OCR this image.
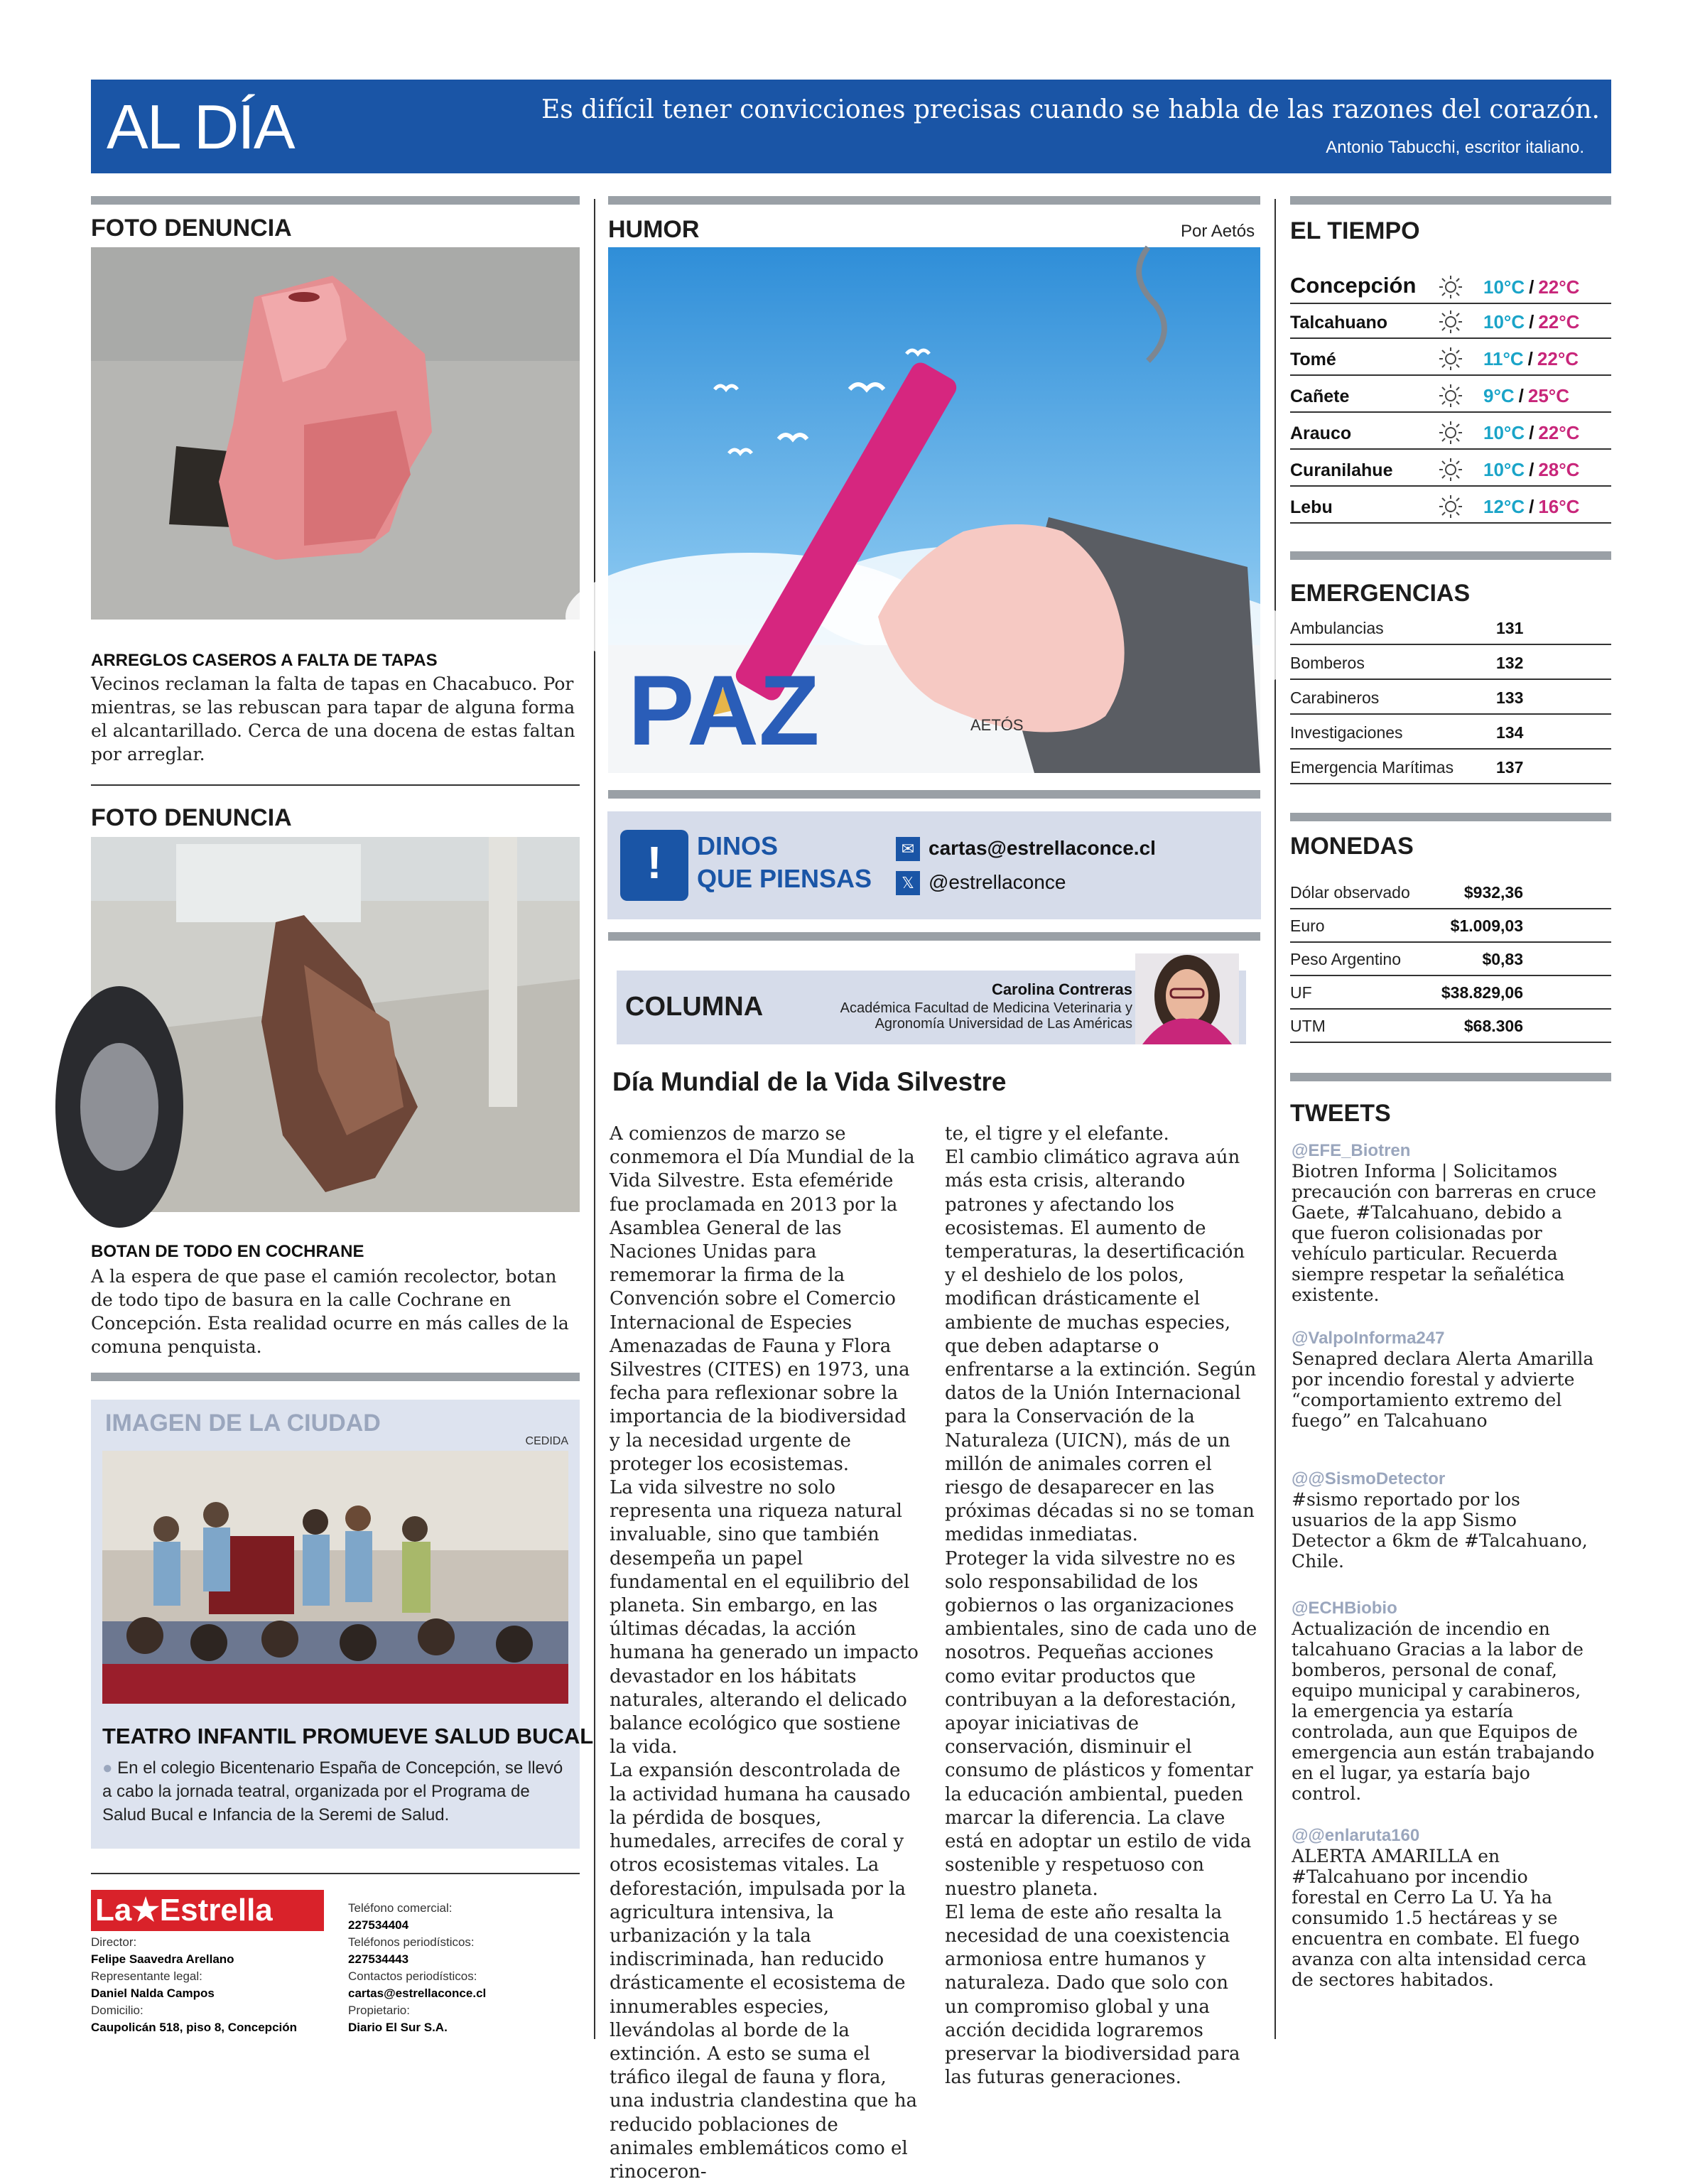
AL DÍA	Es difícil tener convicciones precisas cuando se habla de las razones del corazón.
Antonio Tabucchi, escritor italiano.
FOTO DENUNCIA
ARREGLOS CASEROS A FALTA DE TAPAS
Vecinos reclaman la falta de tapas en Chacabuco. Por mientras, se las rebuscan para tapar de alguna forma el alcantarillado. Cerca de una docena de estas faltan por arreglar.
FOTO DENUNCIA
BOTAN DE TODO EN COCHRANE
A la espera de que pase el camión recolector, botan de todo tipo de basura en la calle Cochrane en Concepción. Esta realidad ocurre en más calles de la comuna penquista.
IMAGEN DE LA CIUDAD
CEDIDA
TEATRO INFANTIL PROMUEVE SALUD BUCAL
● En el colegio Bicentenario España de Concepción, se llevó a cabo la jornada teatral, organizada por el Programa de Salud Bucal e Infancia de la Seremi de Salud.
La★Estrella
Director:
Felipe Saavedra Arellano
Representante legal:
Daniel Nalda Campos
Domicilio:
Caupolicán 518, piso 8, Concepción
Teléfono comercial:
227534404
Teléfonos periodísticos:
227534443
Contactos periodísticos:
cartas@estrellaconce.cl
Propietario:
Diario El Sur S.A.
HUMOR	Por Aetós
PAZ	AETÓS
!	DINOS
QUE PIENSAS
✉ cartas@estrellaconce.cl
𝕏 @estrellaconce
COLUMNA
Carolina Contreras
Académica Facultad de Medicina Veterinaria y Agronomía Universidad de Las Américas
Día Mundial de la Vida Silvestre

A comienzos de marzo se conmemora el Día Mundial de la Vida Silvestre. Esta efeméride fue proclamada en 2013 por la Asamblea General de las Naciones Unidas para rememorar la firma de la Convención sobre el Comercio Internacional de Especies Amenazadas de Fauna y Flora Silvestres (CITES) en 1973, una fecha para reflexionar sobre la importancia de la biodiversidad y la necesidad urgente de proteger los ecosistemas.

La vida silvestre no solo representa una riqueza natural invaluable, sino que también desempeña un papel fundamental en el equilibrio del planeta. Sin embargo, en las últimas décadas, la acción humana ha generado un impacto devastador en los hábitats naturales, alterando el delicado balance ecológico que sostiene la vida.

La expansión descontrolada de la actividad humana ha causado la pérdida de bosques, humedales, arrecifes de coral y otros ecosistemas vitales. La deforestación, impulsada por la agricultura intensiva, la urbanización y la tala indiscriminada, han reducido drásticamente el ecosistema de innumerables especies, llevándolas al borde de la extinción. A esto se suma el tráfico ilegal de fauna y flora, una industria clandestina que ha reducido poblaciones de animales emblemáticos como el rinoceron-

te, el tigre y el elefante.

El cambio climático agrava aún más esta crisis, alterando patrones y afectando los ecosistemas. El aumento de temperaturas, la desertificación y el deshielo de los polos, modifican drásticamente el ambiente de muchas especies, que deben adaptarse o enfrentarse a la extinción. Según datos de la Unión Internacional para la Conservación de la Naturaleza (UICN), más de un millón de animales corren el riesgo de desaparecer en las próximas décadas si no se toman medidas inmediatas.

Proteger la vida silvestre no es solo responsabilidad de los gobiernos o las organizaciones ambientales, sino de cada uno de nosotros. Pequeñas acciones como evitar productos que contribuyan a la deforestación, apoyar iniciativas de conservación, disminuir el consumo de plásticos y fomentar la educación ambiental, pueden marcar la diferencia. La clave está en adoptar un estilo de vida sostenible y respetuoso con nuestro planeta.

El lema de este año resalta la necesidad de una coexistencia armoniosa entre humanos y naturaleza. Dado que solo con un compromiso global y una acción decidida lograremos preservar la biodiversidad para las futuras generaciones.

EL TIEMPO
Concepción	10°C / 22°C
Talcahuano	10°C / 22°C
Tomé	11°C / 22°C
Cañete	9°C / 25°C
Arauco	10°C / 22°C
Curanilahue	10°C / 28°C
Lebu	12°C / 16°C
EMERGENCIAS
Ambulancias	131
Bomberos	132
Carabineros	133
Investigaciones	134
Emergencia Marítimas	137
MONEDAS
Dólar observado	$932,36
Euro	$1.009,03
Peso Argentino	$0,83
UF	$38.829,06
UTM	$68.306
TWEETS
@EFE_Biotren
Biotren Informa | Solicitamos precaución con barreras en cruce Gaete, #Talcahuano, debido a que fueron colisionadas por vehículo particular. Recuerda siempre respetar la señalética existente.
@ValpoInforma247
Senapred declara Alerta Amarilla por incendio forestal y advierte “comportamiento extremo del fuego” en Talcahuano
@@SismoDetector
#sismo reportado por los usuarios de la app Sismo Detector a 6km de #Talcahuano, Chile.
@ECHBiobio
Actualización de incendio en talcahuano Gracias a la labor de bomberos, personal de conaf, equipo municipal y carabineros, la emergencia ya estaría controlada, aun que Equipos de emergencia aun están trabajando en el lugar, ya estaría bajo control.
@@enlaruta160
ALERTA AMARILLA en #Talcahuano por incendio forestal en Cerro La U. Ya ha consumido 1.5 hectáreas y se encuentra en combate. El fuego avanza con alta intensidad cerca de sectores habitados.
